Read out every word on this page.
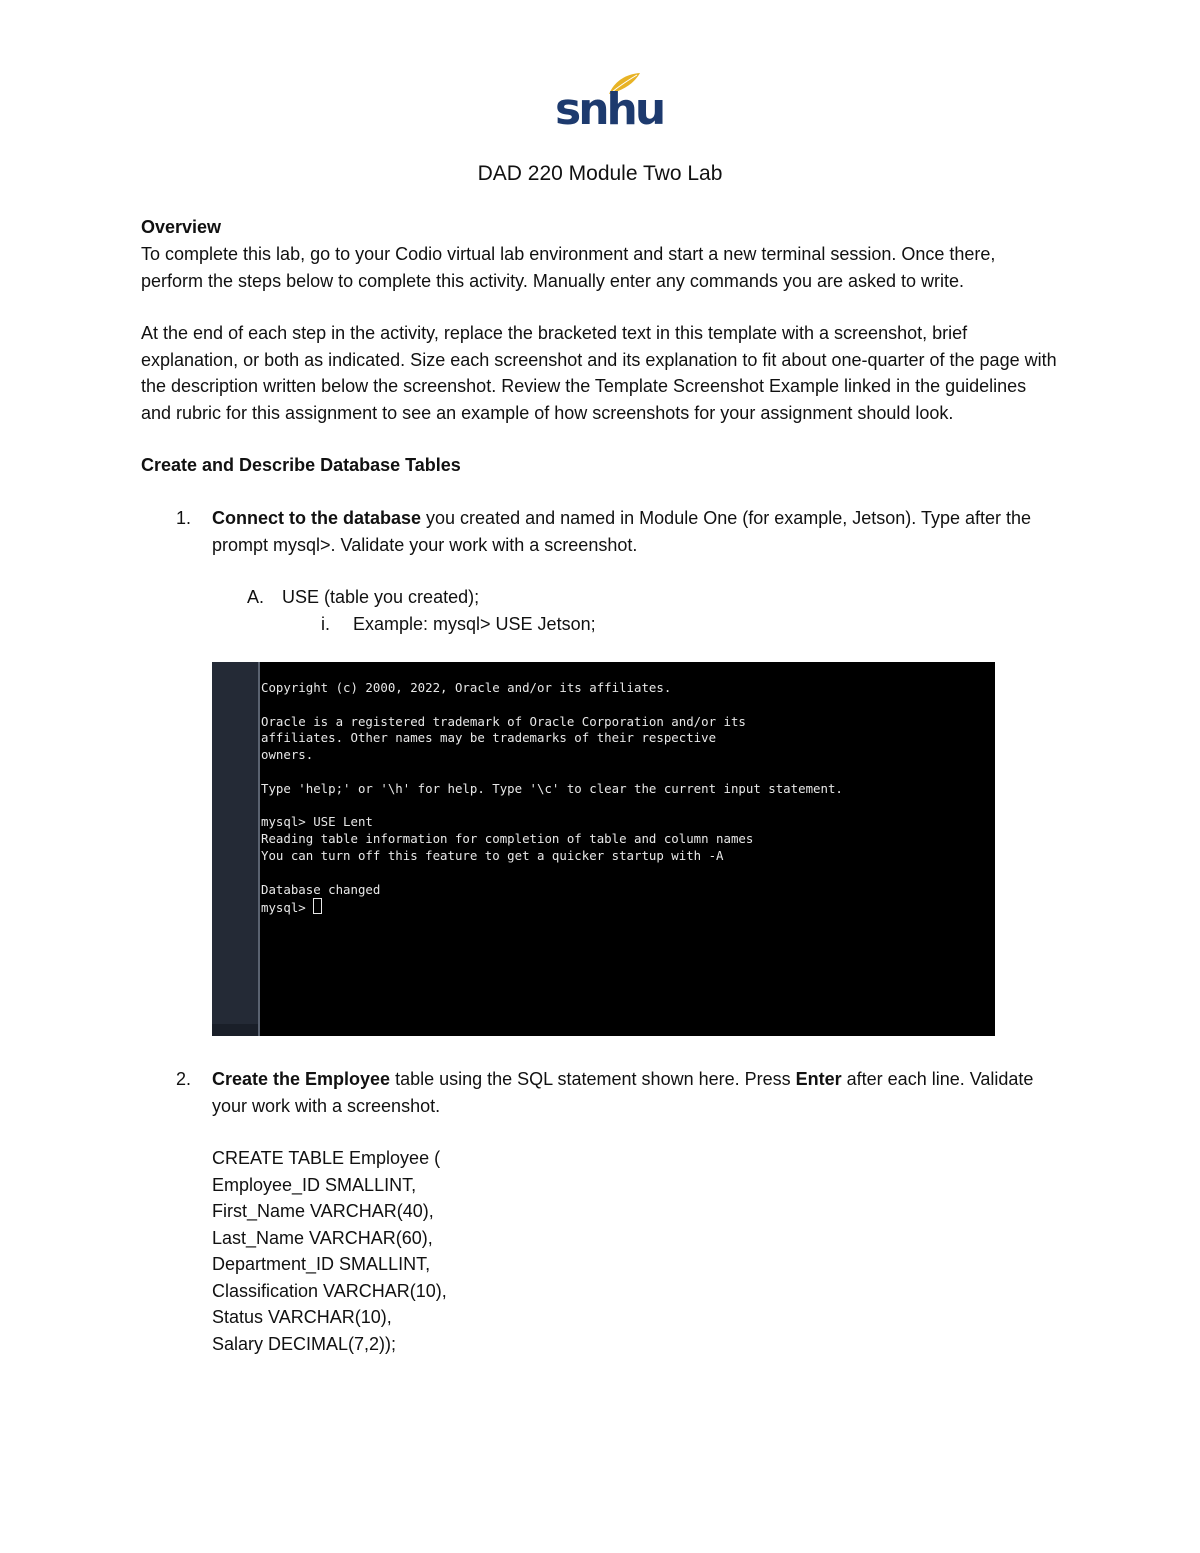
snhu
DAD 220 Module Two Lab
Overview

To complete this lab, go to your Codio virtual lab environment and start a new terminal session. Once there, perform the steps below to complete this activity. Manually enter any commands you are asked to write.

At the end of each step in the activity, replace the bracketed text in this template with a screenshot, brief explanation, or both as indicated. Size each screenshot and its explanation to fit about one-quarter of the page with the description written below the screenshot. Review the Template Screenshot Example linked in the guidelines and rubric for this assignment to see an example of how screenshots for your assignment should look.

Create and Describe Database Tables
1. Connect to the database you created and named in Module One (for example, Jetson). Type after the prompt mysql>. Validate your work with a screenshot.
A. USE (table you created);
i. Example: mysql> USE Jetson;
Copyright (c) 2000, 2022, Oracle and/or its affiliates.

Oracle is a registered trademark of Oracle Corporation and/or its
affiliates. Other names may be trademarks of their respective
owners.

Type 'help;' or '\h' for help. Type '\c' to clear the current input statement.

mysql> USE Lent
Reading table information for completion of table and column names
You can turn off this feature to get a quicker startup with -A

Database changed
mysql>
2. Create the Employee table using the SQL statement shown here. Press Enter after each line. Validate your work with a screenshot.
CREATE TABLE Employee (
Employee_ID SMALLINT,
First_Name VARCHAR(40),
Last_Name VARCHAR(60),
Department_ID SMALLINT,
Classification VARCHAR(10),
Status VARCHAR(10),
Salary DECIMAL(7,2));
